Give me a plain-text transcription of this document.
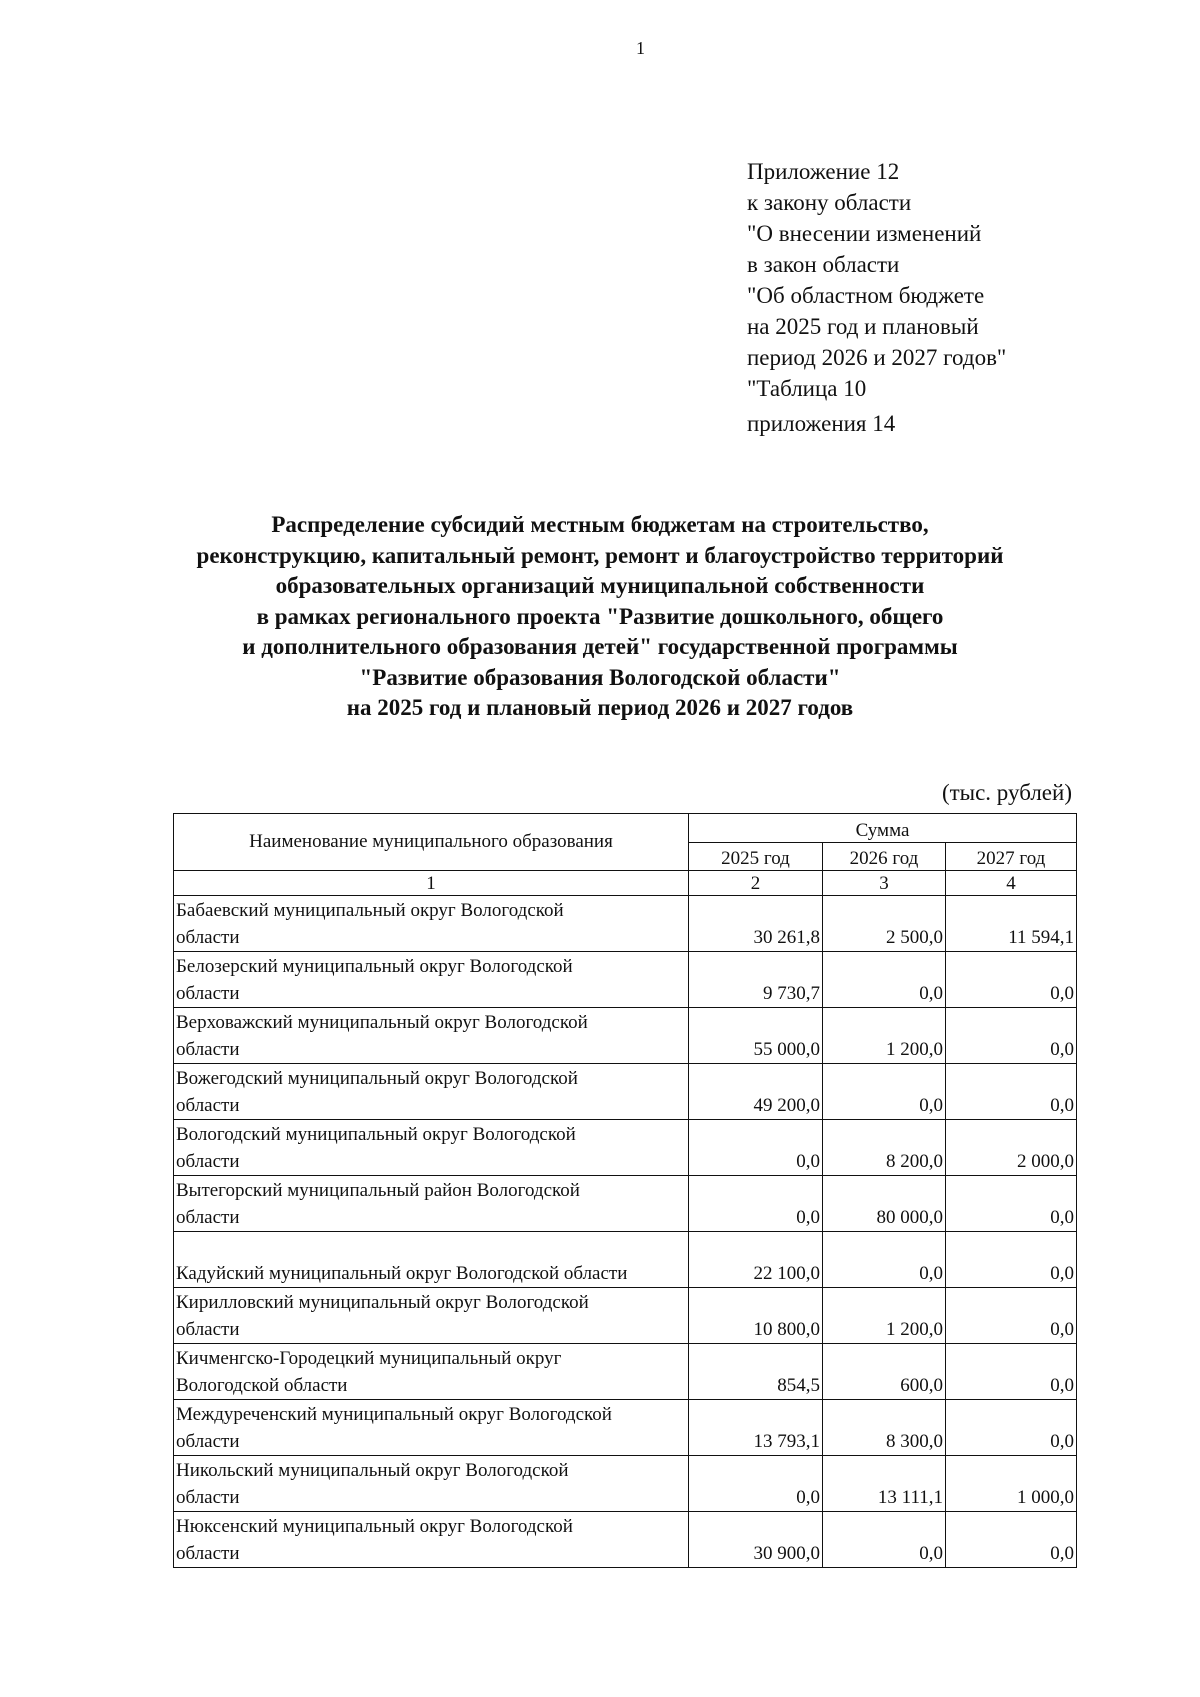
1
Приложение 12
к закону области
"О внесении изменений
в закон области
"Об областном бюджете
на 2025 год и плановый
период 2026 и 2027 годов"
"Таблица 10
приложения 14
Распределение субсидий местным бюджетам на строительство,
реконструкцию, капитальный ремонт, ремонт и благоустройство территорий
образовательных организаций муниципальной собственности
в рамках регионального проекта "Развитие дошкольного, общего
и дополнительного образования детей" государственной программы
"Развитие образования Вологодской области"
на 2025 год и плановый период 2026 и 2027 годов
(тыс. рублей)
Наименование муниципального образования	Сумма		
	2025 год	2026 год	2027 год
1	2	3	4

Бабаевский муниципальный округ Вологодской
области	30 261,8	2 500,0	11 594,1

Белозерский муниципальный округ Вологодской
области	9 730,7	0,0	0,0

Верховажский муниципальный округ Вологодской
области	55 000,0	1 200,0	0,0

Вожегодский муниципальный округ Вологодской
области	49 200,0	0,0	0,0

Вологодский муниципальный округ Вологодской
области	0,0	8 200,0	2 000,0

Вытегорский муниципальный район Вологодской
области	0,0	80 000,0	0,0

Кадуйский муниципальный округ Вологодской области	22 100,0	0,0	0,0

Кирилловский муниципальный округ Вологодской
области	10 800,0	1 200,0	0,0

Кичменгско-Городецкий муниципальный округ
Вологодской области	854,5	600,0	0,0

Междуреченский муниципальный округ Вологодской
области	13 793,1	8 300,0	0,0

Никольский муниципальный округ Вологодской
области	0,0	13 111,1	1 000,0

Нюксенский муниципальный округ Вологодской
области	30 900,0	0,0	0,0
